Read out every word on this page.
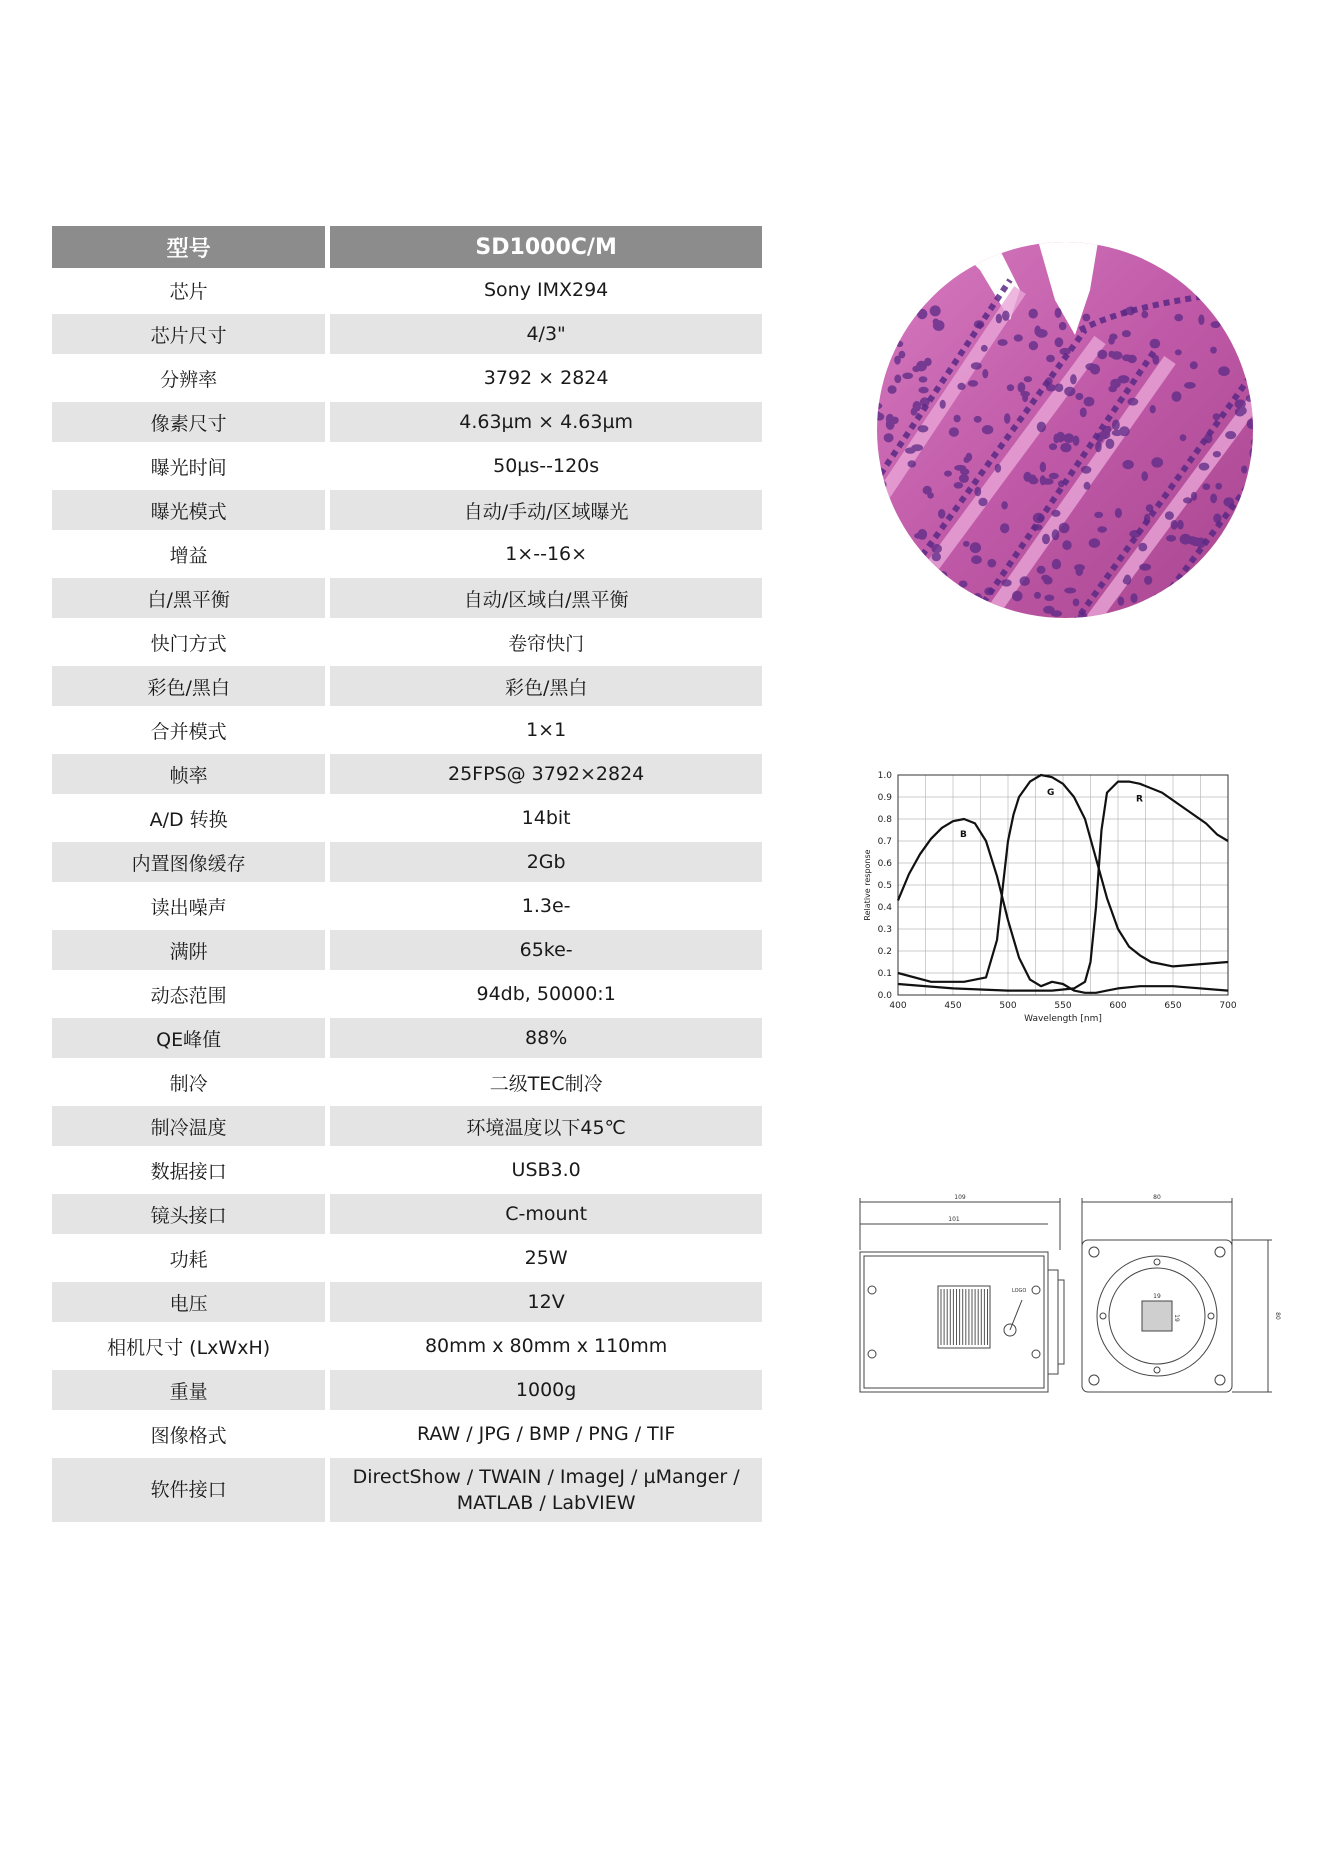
型号	SD1000C/M
芯片	Sony IMX294
芯片尺寸	4/3"
分辨率	3792 × 2824
像素尺寸	4.63µm × 4.63µm
曝光时间	50µs--120s
曝光模式	自动/手动/区域曝光
增益	1×--16×
白/黑平衡	自动/区域白/黑平衡
快门方式	卷帘快门
彩色/黑白	彩色/黑白
合并模式	1×1
帧率	25FPS@ 3792×2824
A/D 转换	14bit
内置图像缓存	2Gb
读出噪声	1.3e-
满阱	65ke-
动态范围	94db, 50000:1
QE峰值	88%
制冷	二级TEC制冷
制冷温度	环境温度以下45℃
数据接口	USB3.0
镜头接口	C-mount
功耗	25W
电压	12V
相机尺寸 (LxWxH)	80mm x 80mm x 110mm
重量	1000g
图像格式	RAW / JPG / BMP / PNG / TIF
软件接口	DirectShow / TWAIN / ImageJ / µManger / MATLAB / LabVIEW
400	450	500	550	600	650	700
0.0
0.1
0.2
0.3
0.4
0.5
0.6
0.7
0.8
0.9
1.0
Wavelength [nm]
Relative response
B
G
R
109
101
80
80
19
19
LOGO
